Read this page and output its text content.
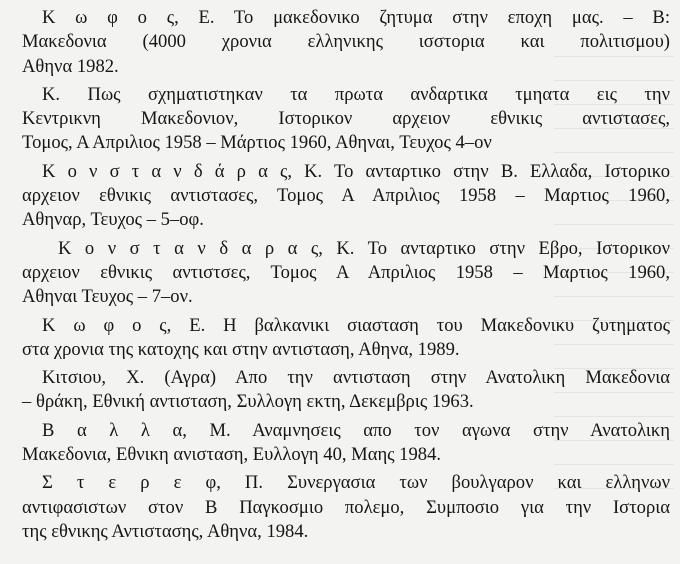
Κ ω φ ο ς, Ε. Το μακεδονικο ζητυμα στην εποχη μας. – Β:
Μακεδονια (4000 χρονια ελληνικης ισστορια και πολιτισμου)
Αθηνα 1982.
Κ. Πως σχηματιστηκαν τα πρωτα ανδαρτικα τμηατα εις την
Κεντρικνη Μακεδονιον, Ιστορικον αρχειον εθνικις αντιστασες,
Τομος, Α Απριλιος 1958 – Μάρτιος 1960, Αθηναι, Τευχος 4–ον
Κ ο ν σ τ α ν δ ά ρ α ς, Κ. Το ανταρτικο στην Β. Ελλαδα, Ιστορικο
αρχειον εθνικις αντιστασες, Τομος Α Απριλιος 1958 – Μαρτιος 1960,
Αθηναρ, Τευχος – 5–οφ.
Κ ο ν σ τ α ν δ α ρ α ς, Κ. Το ανταρτικο στην Εβρο, Ιστορικον
αρχειον εθνικις αντιστσες, Τομος Α Απριλιος 1958 – Μαρτιος 1960,
Αθηναι Τευχος – 7–ον.
Κ ω φ ο ς, Ε. Η βαλκανικι σιασταση του Μακεδονικυ ζυτηματος
στα χρονια της κατοχης και στην αντισταση, Αθηνα, 1989.
Κιτσιου, Χ. (Αγρα) Απο την αντισταση στην Ανατολικη Μακεδονια
– θράκη, Εθνική αντισταση, Συλλογη εκτη, Δεκεμβρις 1963.
Β α λ λ α, Μ. Αναμνησεις απο τον αγωνα στην Ανατολικη
Μακεδονια, Εθνικη ανισταση, Ευλλογη 40, Μαης 1984.
Σ τ ε ρ ε φ, Π. Συνεργασια των βουλγαρον και ελληνων
αντιφασιστων στον Β Παγκοσμιο πολεμο, Συμποσιο για την Ιστορια
της εθνικης Αντιστασης, Αθηνα, 1984.
